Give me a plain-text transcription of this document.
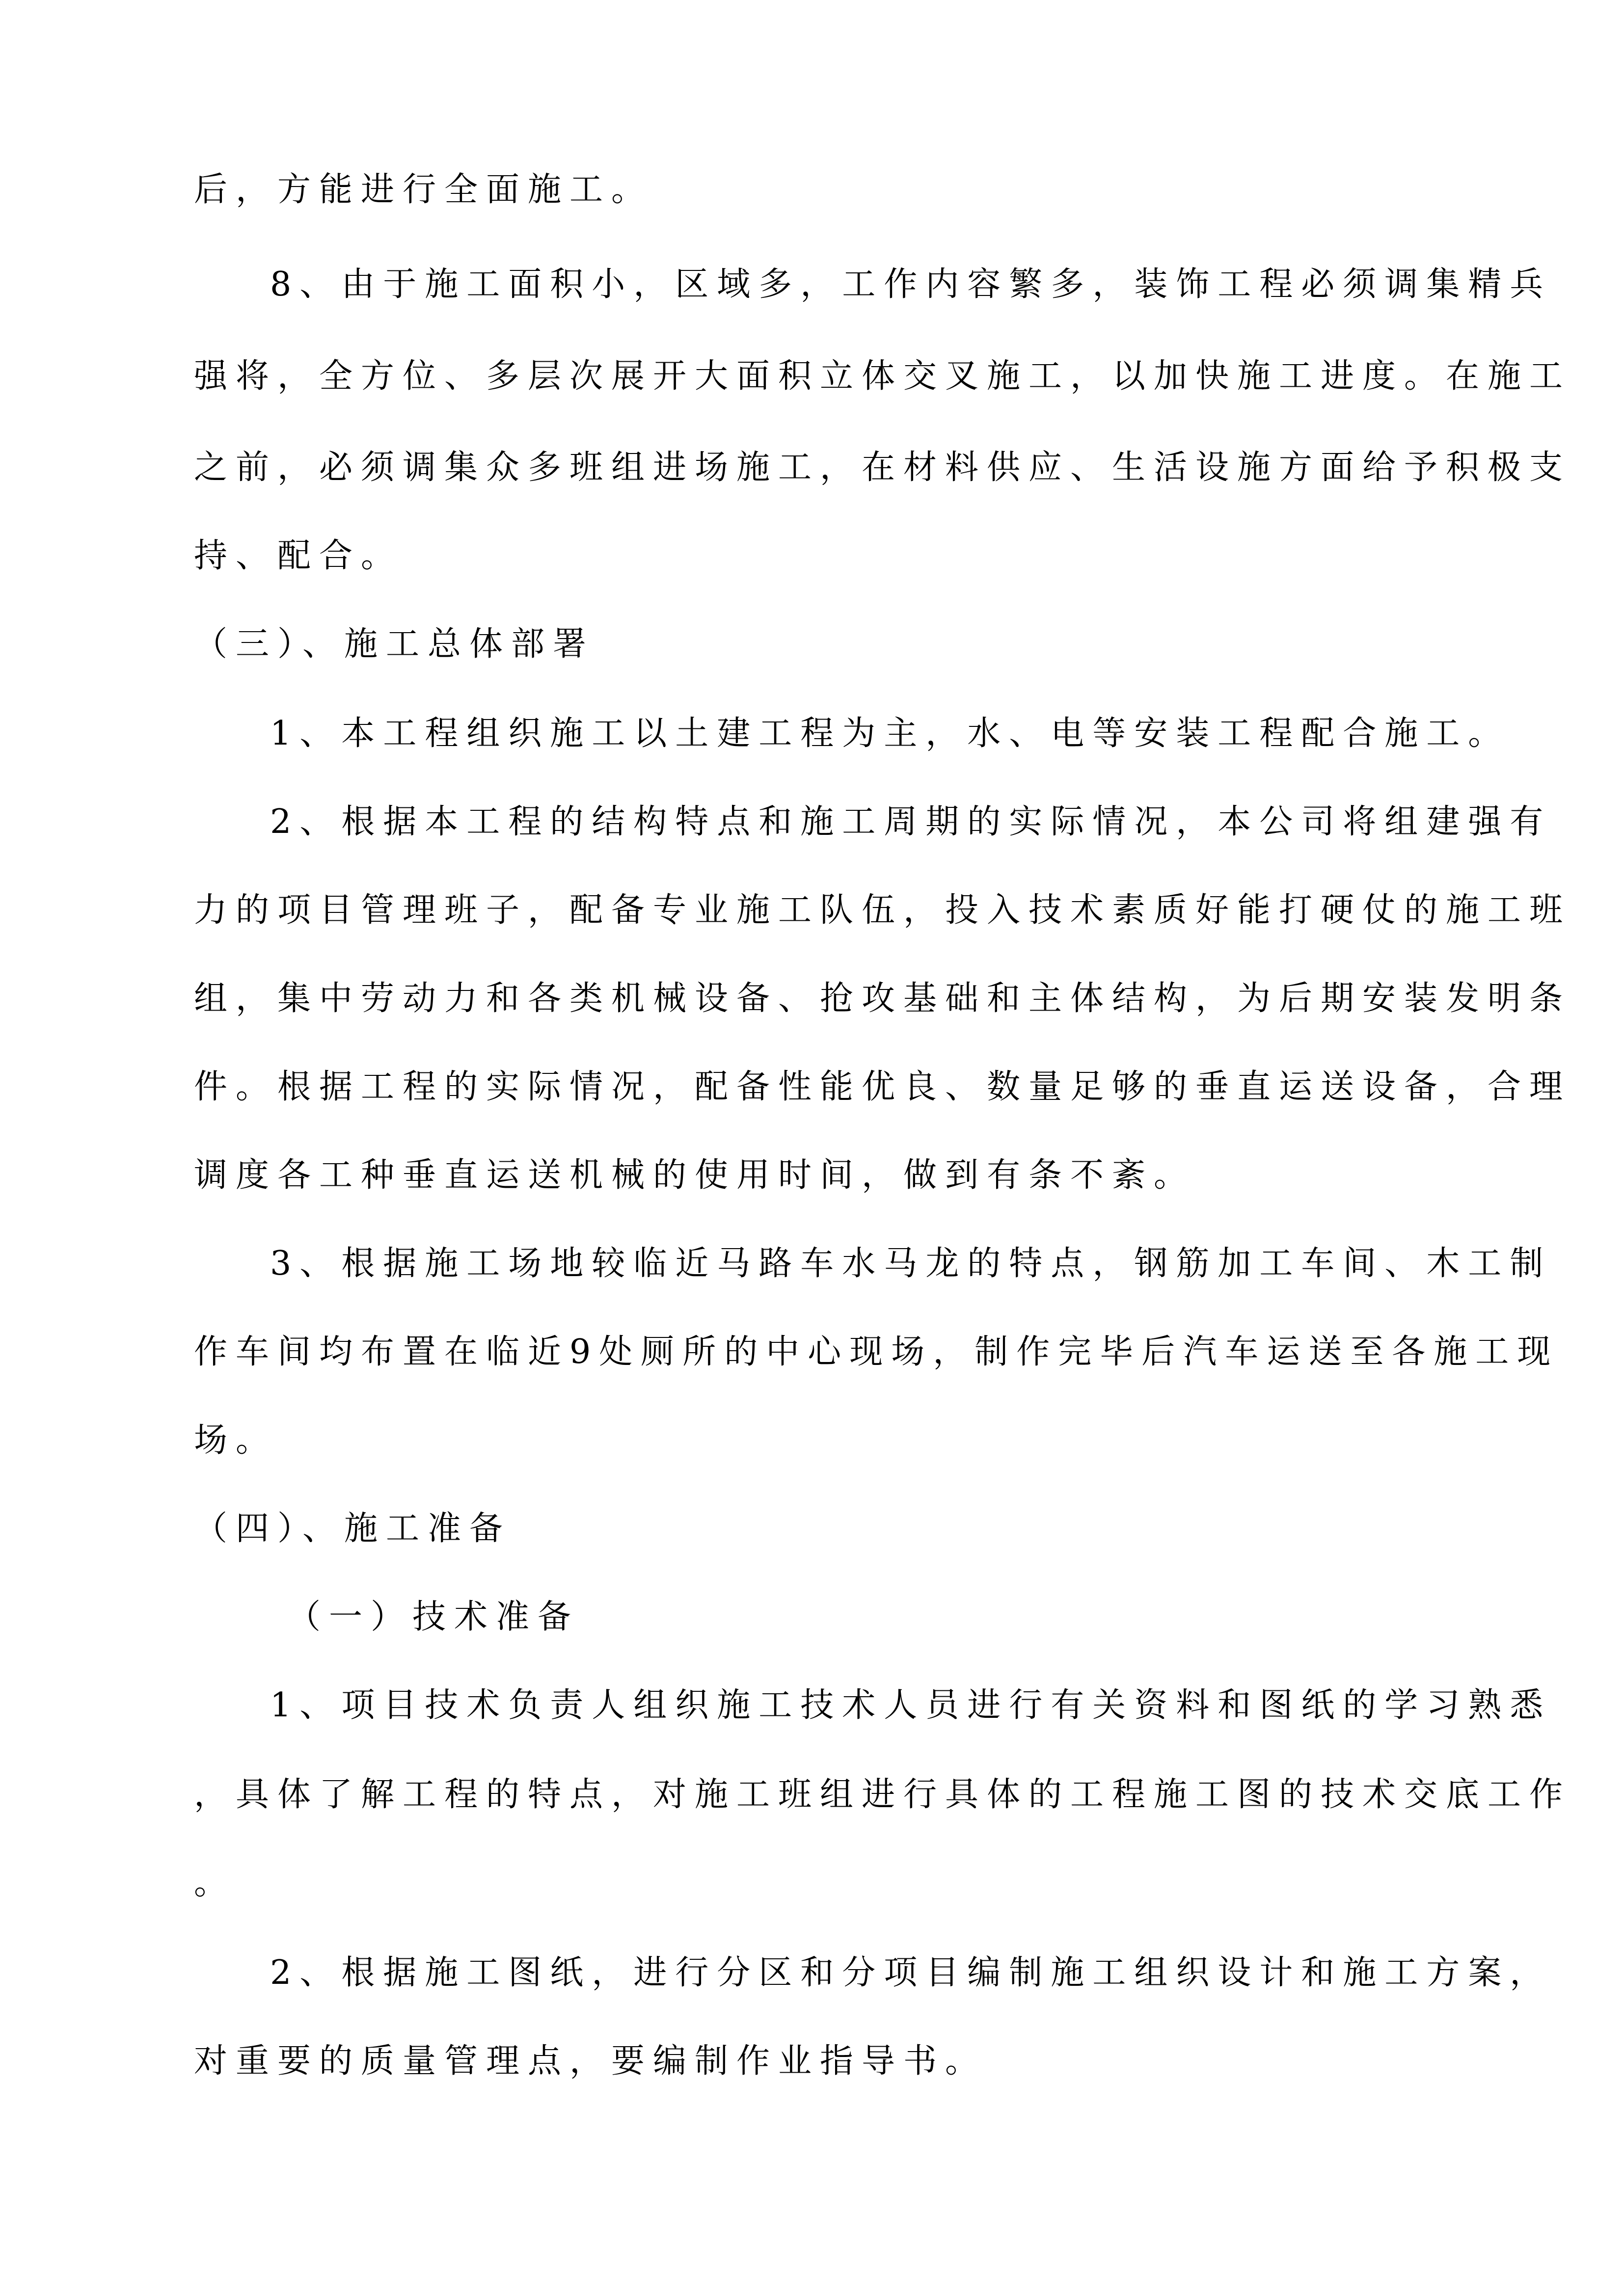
后，方能进行全面施工。
8、由于施工面积小，区域多，工作内容繁多，装饰工程必须调集精兵
强将，全方位、多层次展开大面积立体交叉施工，以加快施工进度。在施工
之前，必须调集众多班组进场施工，在材料供应、生活设施方面给予积极支
持、配合。
（三）、施工总体部署
1、本工程组织施工以土建工程为主，水、电等安装工程配合施工。
2、根据本工程的结构特点和施工周期的实际情况，本公司将组建强有
力的项目管理班子，配备专业施工队伍，投入技术素质好能打硬仗的施工班
组，集中劳动力和各类机械设备、抢攻基础和主体结构，为后期安装发明条
件。根据工程的实际情况，配备性能优良、数量足够的垂直运送设备，合理
调度各工种垂直运送机械的使用时间，做到有条不紊。
3、根据施工场地较临近马路车水马龙的特点，钢筋加工车间、木工制
作车间均布置在临近9处厕所的中心现场，制作完毕后汽车运送至各施工现
场。
（四）、施工准备
（一）技术准备
1、项目技术负责人组织施工技术人员进行有关资料和图纸的学习熟悉
，具体了解工程的特点，对施工班组进行具体的工程施工图的技术交底工作
。
2、根据施工图纸，进行分区和分项目编制施工组织设计和施工方案，
对重要的质量管理点，要编制作业指导书。
